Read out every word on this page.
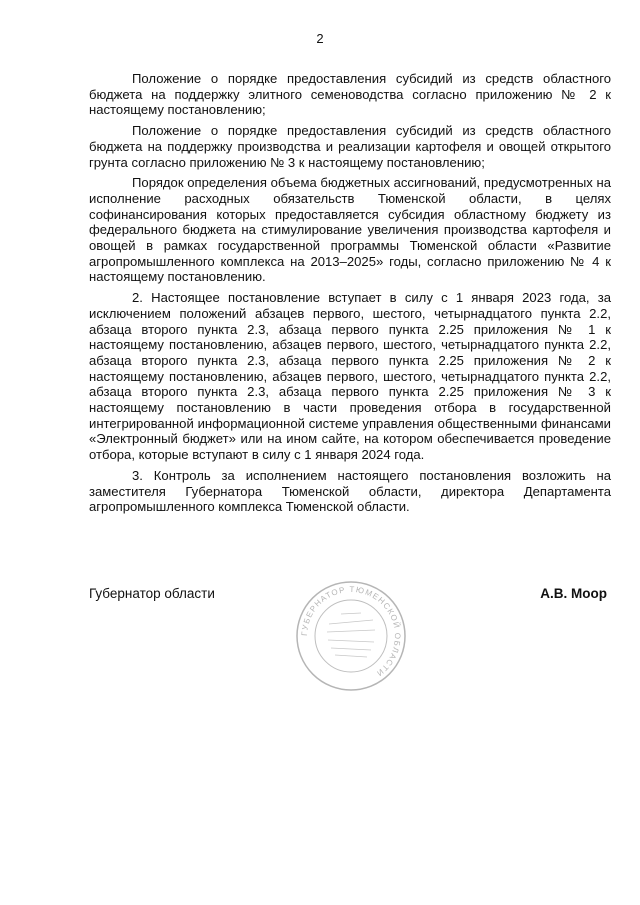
2

Положение о порядке предоставления субсидий из средств областного бюджета на поддержку элитного семеноводства согласно приложению № 2 к настоящему постановлению;

Положение о порядке предоставления субсидий из средств областного бюджета на поддержку производства и реализации картофеля и овощей открытого грунта согласно приложению № 3 к настоящему постановлению;

Порядок определения объема бюджетных ассигнований, предусмотренных на исполнение расходных обязательств Тюменской области, в целях софинансирования которых предоставляется субсидия областному бюджету из федерального бюджета на стимулирование увеличения производства картофеля и овощей в рамках государственной программы Тюменской области «Развитие агропромышленного комплекса на 2013–2025» годы, согласно приложению № 4 к настоящему постановлению.

2. Настоящее постановление вступает в силу с 1 января 2023 года, за исключением положений абзацев первого, шестого, четырнадцатого пункта 2.2, абзаца второго пункта 2.3, абзаца первого пункта 2.25 приложения № 1 к настоящему постановлению, абзацев первого, шестого, четырнадцатого пункта 2.2, абзаца второго пункта 2.3, абзаца первого пункта 2.25 приложения № 2 к настоящему постановлению, абзацев первого, шестого, четырнадцатого пункта 2.2, абзаца второго пункта 2.3, абзаца первого пункта 2.25 приложения № 3 к настоящему постановлению в части проведения отбора в государственной интегрированной информационной системе управления общественными финансами «Электронный бюджет» или на ином сайте, на котором обеспечивается проведение отбора, которые вступают в силу с 1 января 2024 года.

3. Контроль за исполнением настоящего постановления возложить на заместителя Губернатора Тюменской области, директора Департамента агропромышленного комплекса Тюменской области.

Губернатор области	А.В. Моор
ГУБЕРНАТОР ТЮМЕНСКОЙ ОБЛАСТИ
